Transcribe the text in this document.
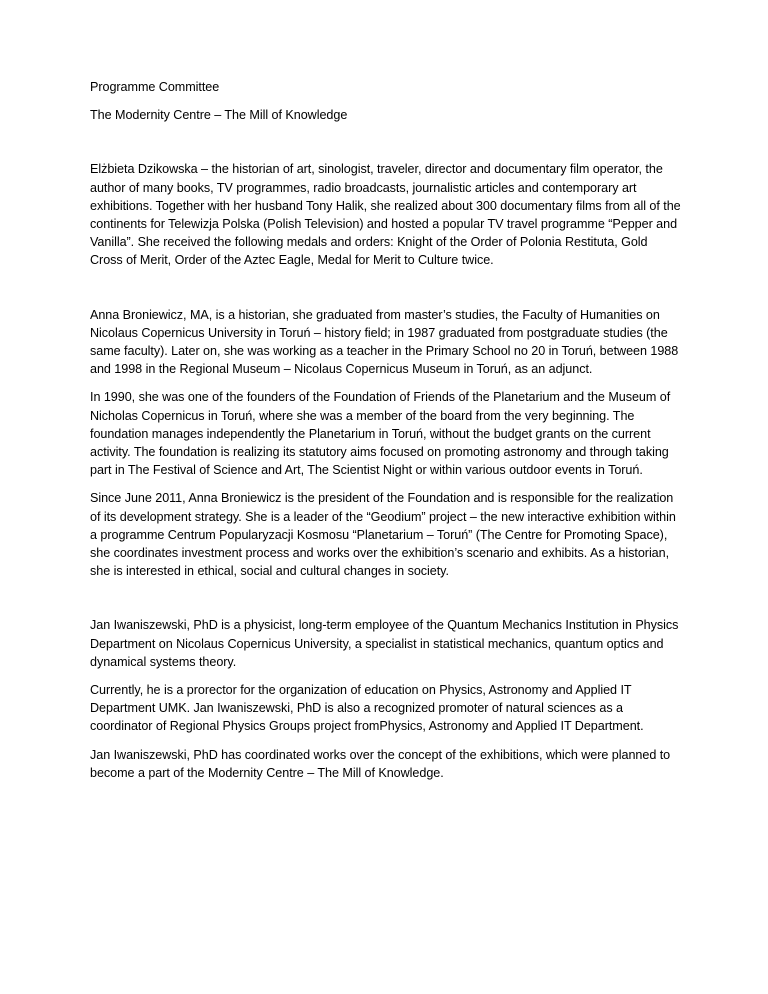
Programme Committee

The Modernity Centre – The Mill of Knowledge

Elżbieta Dzikowska – the historian of art, sinologist, traveler, director and documentary film operator, the author of many books, TV programmes, radio broadcasts, journalistic articles and contemporary art exhibitions. Together with her husband Tony Halik, she realized about 300 documentary films from all of the continents for Telewizja Polska (Polish Television) and hosted a popular TV travel programme “Pepper and Vanilla”. She received the following medals and orders: Knight of the Order of Polonia Restituta, Gold Cross of Merit, Order of the Aztec Eagle, Medal for Merit to Culture twice.

Anna Broniewicz, MA, is a historian, she graduated from master’s studies, the Faculty of Humanities on Nicolaus Copernicus University in Toruń – history field; in 1987 graduated from postgraduate studies (the same faculty). Later on, she was working as a teacher in the Primary School no 20 in Toruń, between 1988 and 1998 in the Regional Museum – Nicolaus Copernicus Museum in Toruń, as an adjunct.

In 1990, she was one of the founders of the Foundation of Friends of the Planetarium and the Museum of Nicholas Copernicus in Toruń, where she was a member of the board from the very beginning. The foundation manages independently the Planetarium in Toruń, without the budget grants on the current activity. The foundation is realizing its statutory aims focused on promoting astronomy and through taking part in The Festival of Science and Art, The Scientist Night or within various outdoor events in Toruń.

Since June 2011, Anna Broniewicz is the president of the Foundation and is responsible for the realization of its development strategy. She is a leader of the “Geodium” project – the new interactive exhibition within a programme Centrum Popularyzacji Kosmosu “Planetarium – Toruń” (The Centre for Promoting Space), she coordinates investment process and works over the exhibition’s scenario and exhibits. As a historian, she is interested in ethical, social and cultural changes in society.

Jan Iwaniszewski, PhD is a physicist, long-term employee of the Quantum Mechanics Institution in Physics Department on Nicolaus Copernicus University, a specialist in statistical mechanics, quantum optics and dynamical systems theory.

Currently, he is a prorector for the organization of education on Physics, Astronomy and Applied IT Department UMK. Jan Iwaniszewski, PhD is also a recognized promoter of natural sciences as a coordinator of Regional Physics Groups project fromPhysics, Astronomy and Applied IT Department.

Jan Iwaniszewski, PhD has coordinated works over the concept of the exhibitions, which were planned to become a part of the Modernity Centre – The Mill of Knowledge.
